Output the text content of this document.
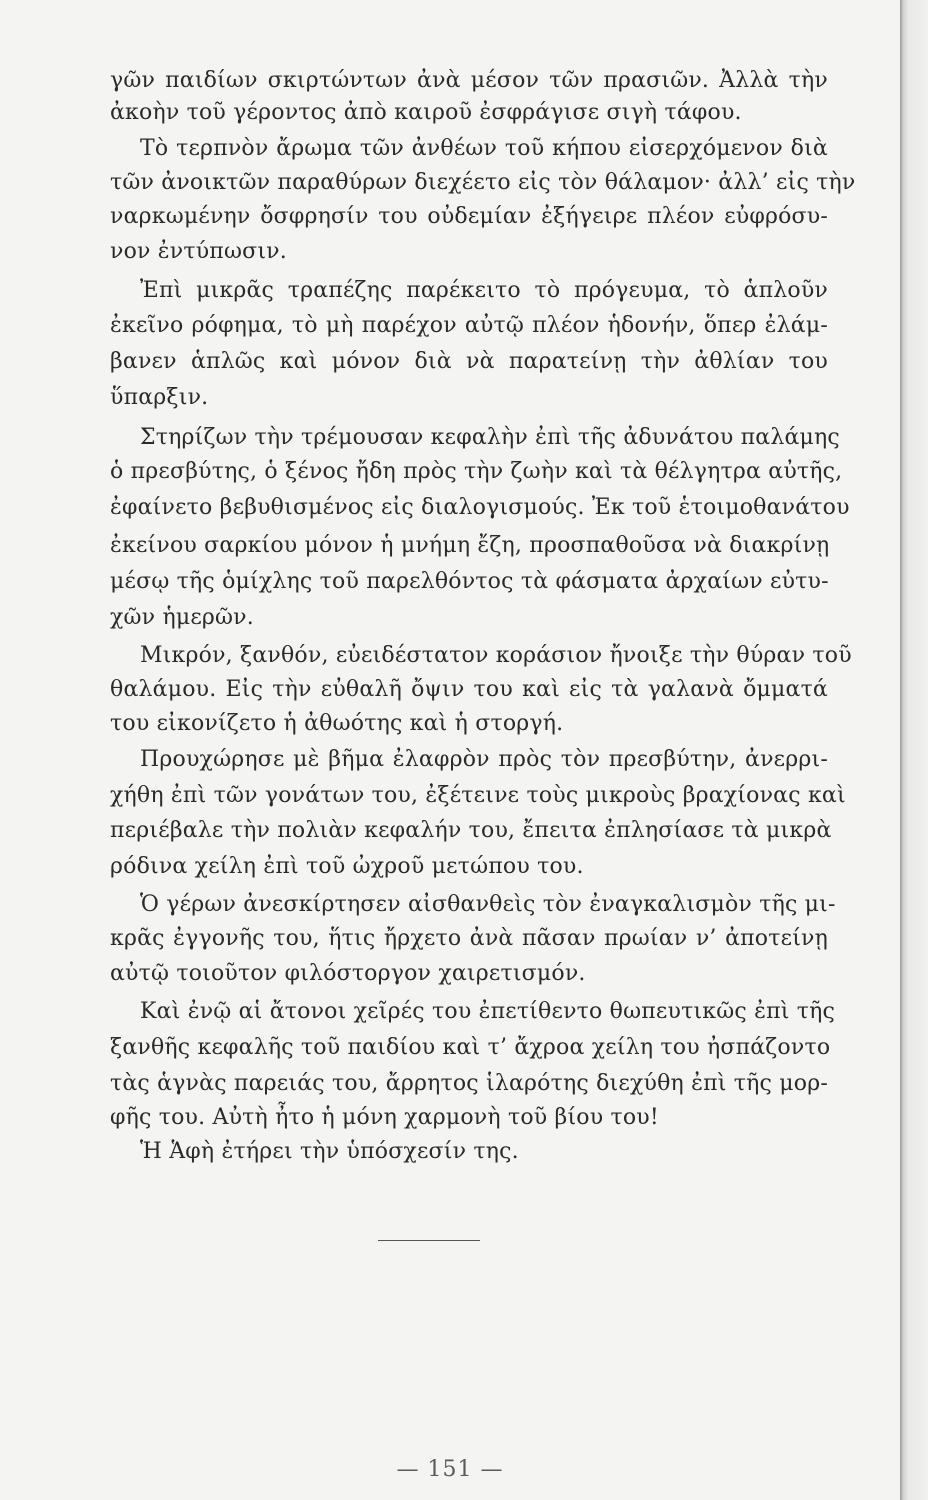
γῶν παιδίων σκιρτώντων ἀνὰ μέσον τῶν πρασιῶν. Ἀλλὰ τὴν

ἀκοὴν τοῦ γέροντος ἀπὸ καιροῦ ἐσφράγισε σιγὴ τάφου.

Τὸ τερπνὸν ἄρωμα τῶν ἀνθέων τοῦ κήπου εἰσερχόμενον διὰ

τῶν ἀνοικτῶν παραθύρων διεχέετο εἰς τὸν θάλαμον· ἀλλ’ εἰς τὴν

ναρκωμένην ὄσφρησίν του οὐδεμίαν ἐξήγειρε πλέον εὐφρόσυ-

νον ἐντύπωσιν.

Ἐπὶ μικρᾶς τραπέζης παρέκειτο τὸ πρόγευμα, τὸ ἁπλοῦν

ἐκεῖνο ρόφημα, τὸ μὴ παρέχον αὐτῷ πλέον ἡδονήν, ὅπερ ἐλάμ-

βανεν ἁπλῶς καὶ μόνον διὰ νὰ παρατείνῃ τὴν ἀθλίαν του

ὕπαρξιν.

Στηρίζων τὴν τρέμουσαν κεφαλὴν ἐπὶ τῆς ἀδυνάτου παλάμης

ὁ πρεσβύτης, ὁ ξένος ἤδη πρὸς τὴν ζωὴν καὶ τὰ θέλγητρα αὐτῆς,

ἐφαίνετο βεβυθισμένος εἰς διαλογισμούς. Ἐκ τοῦ ἑτοιμοθανάτου

ἐκείνου σαρκίου μόνον ἡ μνήμη ἔζη, προσπαθοῦσα νὰ διακρίνῃ

μέσῳ τῆς ὁμίχλης τοῦ παρελθόντος τὰ φάσματα ἀρχαίων εὐτυ-

χῶν ἡμερῶν.

Μικρόν, ξανθόν, εὐειδέστατον κοράσιον ἤνοιξε τὴν θύραν τοῦ

θαλάμου. Εἰς τὴν εὐθαλῆ ὄψιν του καὶ εἰς τὰ γαλανὰ ὄμματά

του εἰκονίζετο ἡ ἀθωότης καὶ ἡ στοργή.

Προυχώρησε μὲ βῆμα ἐλαφρὸν πρὸς τὸν πρεσβύτην, ἀνερρι-

χήθη ἐπὶ τῶν γονάτων του, ἐξέτεινε τοὺς μικροὺς βραχίονας καὶ

περιέβαλε τὴν πολιὰν κεφαλήν του, ἔπειτα ἐπλησίασε τὰ μικρὰ

ρόδινα χείλη ἐπὶ τοῦ ὠχροῦ μετώπου του.

Ὁ γέρων ἀνεσκίρτησεν αἰσθανθεὶς τὸν ἐναγκαλισμὸν τῆς μι-

κρᾶς ἐγγονῆς του, ἥτις ἤρχετο ἀνὰ πᾶσαν πρωίαν ν’ ἀποτείνῃ

αὐτῷ τοιοῦτον φιλόστοργον χαιρετισμόν.

Καὶ ἐνῷ αἱ ἄτονοι χεῖρές του ἐπετίθεντο θωπευτικῶς ἐπὶ τῆς

ξανθῆς κεφαλῆς τοῦ παιδίου καὶ τ’ ἄχροα χείλη του ἠσπάζοντο

τὰς ἁγνὰς παρειάς του, ἄρρητος ἱλαρότης διεχύθη ἐπὶ τῆς μορ-

φῆς του. Αὐτὴ ἦτο ἡ μόνη χαρμονὴ τοῦ βίου του!

Ἡ Ἁφὴ ἐτήρει τὴν ὑπόσχεσίν της.

— 151 —
